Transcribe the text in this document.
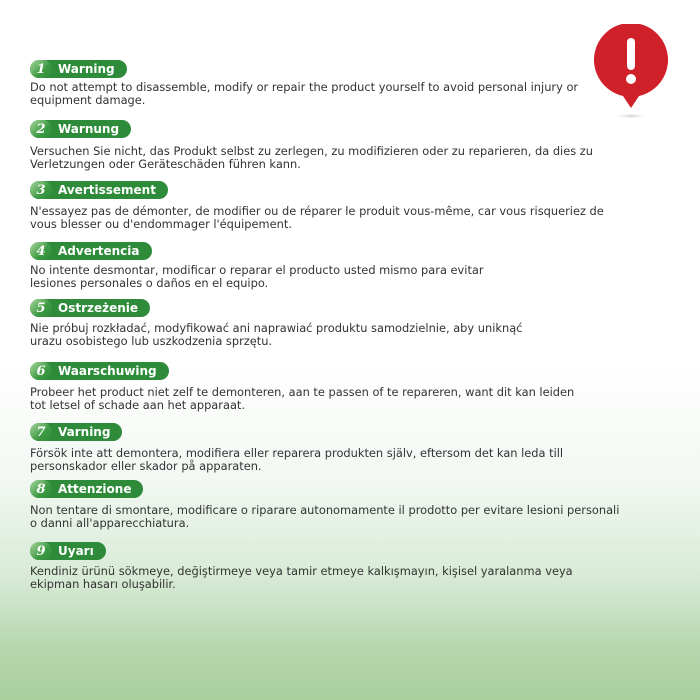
1	Warning
Do not attempt to disassemble, modify or repair the product yourself to avoid personal injury or equipment damage.
2	Warnung
Versuchen Sie nicht, das Produkt selbst zu zerlegen, zu modifizieren oder zu reparieren, da dies zu Verletzungen oder Geräteschäden führen kann.
3	Avertissement
N'essayez pas de démonter, de modifier ou de réparer le produit vous-même, car vous risqueriez de vous blesser ou d'endommager l'équipement.
4	Advertencia
No intente desmontar, modificar o reparar el producto usted mismo para evitar lesiones personales o daños en el equipo.
5	Ostrzeżenie
Nie próbuj rozkładać, modyfikować ani naprawiać produktu samodzielnie, aby uniknąć urazu osobistego lub uszkodzenia sprzętu.
6	Waarschuwing
Probeer het product niet zelf te demonteren, aan te passen of te repareren, want dit kan leiden tot letsel of schade aan het apparaat.
7	Varning
Försök inte att demontera, modifiera eller reparera produkten själv, eftersom det kan leda till personskador eller skador på apparaten.
8	Attenzione
Non tentare di smontare, modificare o riparare autonomamente il prodotto per evitare lesioni personali o danni all'apparecchiatura.
9	Uyarı
Kendiniz ürünü sökmeye, değiştirmeye veya tamir etmeye kalkışmayın, kişisel yaralanma veya ekipman hasarı oluşabilir.
